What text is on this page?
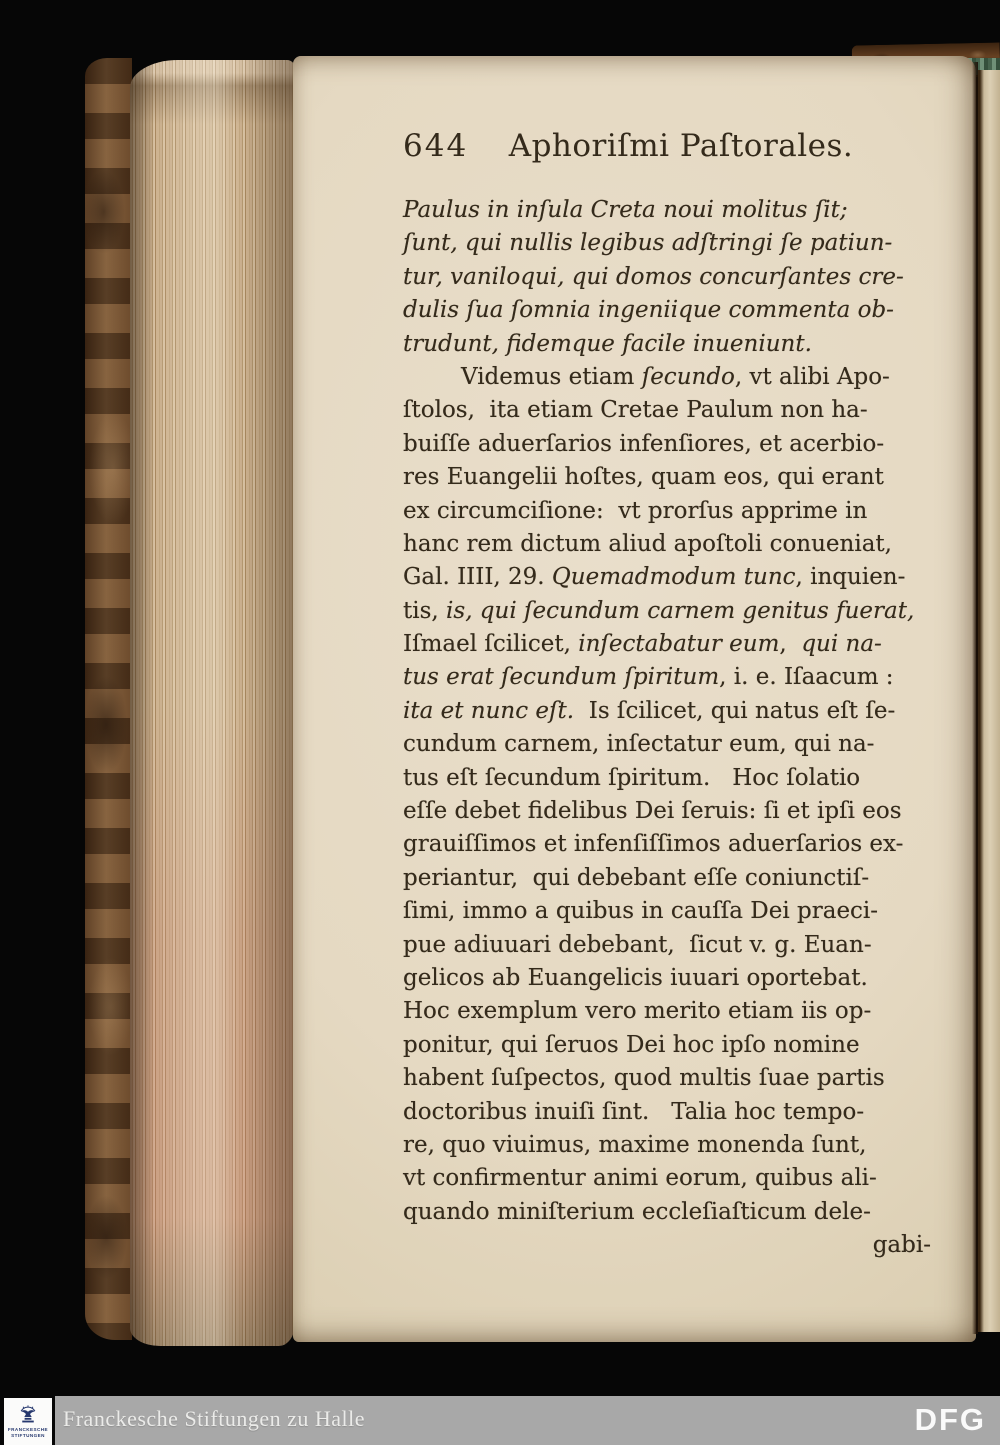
644	Aphoriſmi Paſtorales.
Paulus in inſula Creta noui molitus ſit;
ſunt, qui nullis legibus adſtringi ſe patiun-
tur, vaniloqui, qui domos concurſantes cre-
dulis ſua ſomnia ingeniique commenta ob-
trudunt, fidemque facile inueniunt.
Videmus etiam ſecundo, vt alibi Apo-
ſtolos,  ita etiam Cretae Paulum non ha-
buiſſe aduerſarios infenſiores, et acerbio-
res Euangelii hoſtes, quam eos, qui erant
ex circumciſione:  vt prorſus apprime in
hanc rem dictum aliud apoſtoli conueniat,
Gal. IIII, 29. Quemadmodum tunc, inquien-
tis, is, qui ſecundum carnem genitus fuerat,
Iſmael ſcilicet, inſectabatur eum,  qui na-
tus erat ſecundum ſpiritum, i. e. Iſaacum :
ita et nunc eſt.  Is ſcilicet, qui natus eſt ſe-
cundum carnem, inſectatur eum, qui na-
tus eſt ſecundum ſpiritum.   Hoc ſolatio
eſſe debet fidelibus Dei ſeruis: ſi et ipſi eos
grauiſſimos et infenſiſſimos aduerſarios ex-
periantur,  qui debebant eſſe coniunctiſ-
ſimi, immo a quibus in cauſſa Dei praeci-
pue adiuuari debebant,  ſicut v. g. Euan-
gelicos ab Euangelicis iuuari oportebat.
Hoc exemplum vero merito etiam iis op-
ponitur, qui ſeruos Dei hoc ipſo nomine
habent ſuſpectos, quod multis ſuae partis
doctoribus inuiſi ſint.   Talia hoc tempo-
re, quo viuimus, maxime monenda ſunt,
vt confirmentur animi eorum, quibus ali-
quando miniſterium eccleſiaſticum dele-
gabi-
FRANCKESCHE
STIFTUNGEN
Franckesche Stiftungen zu Halle	DFG
